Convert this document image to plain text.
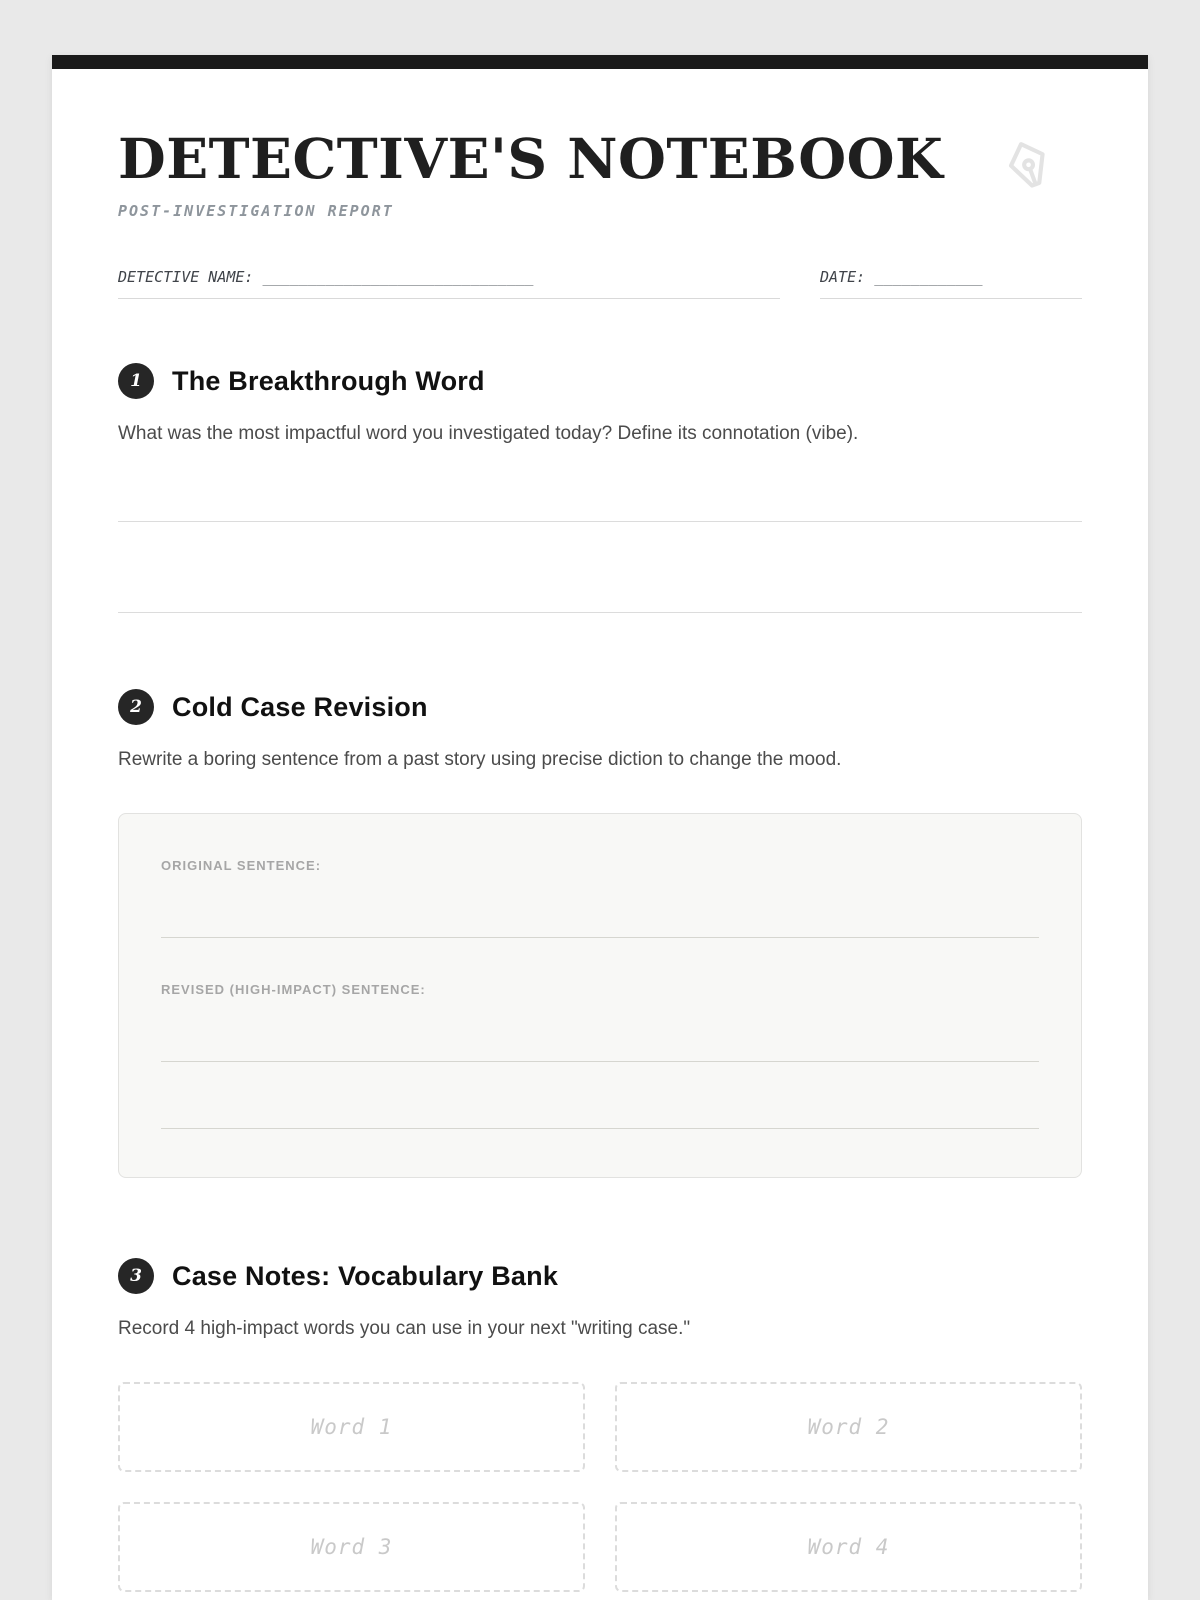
DETECTIVE'S NOTEBOOK
POST-INVESTIGATION REPORT
DETECTIVE NAME: ______________________________	DATE: ____________
1	The Breakthrough Word
What was the most impactful word you investigated today? Define its connotation (vibe).
2	Cold Case Revision
Rewrite a boring sentence from a past story using precise diction to change the mood.
ORIGINAL SENTENCE:
REVISED (HIGH-IMPACT) SENTENCE:
3	Case Notes: Vocabulary Bank
Record 4 high-impact words you can use in your next "writing case."
Word 1	Word 2
Word 3	Word 4
